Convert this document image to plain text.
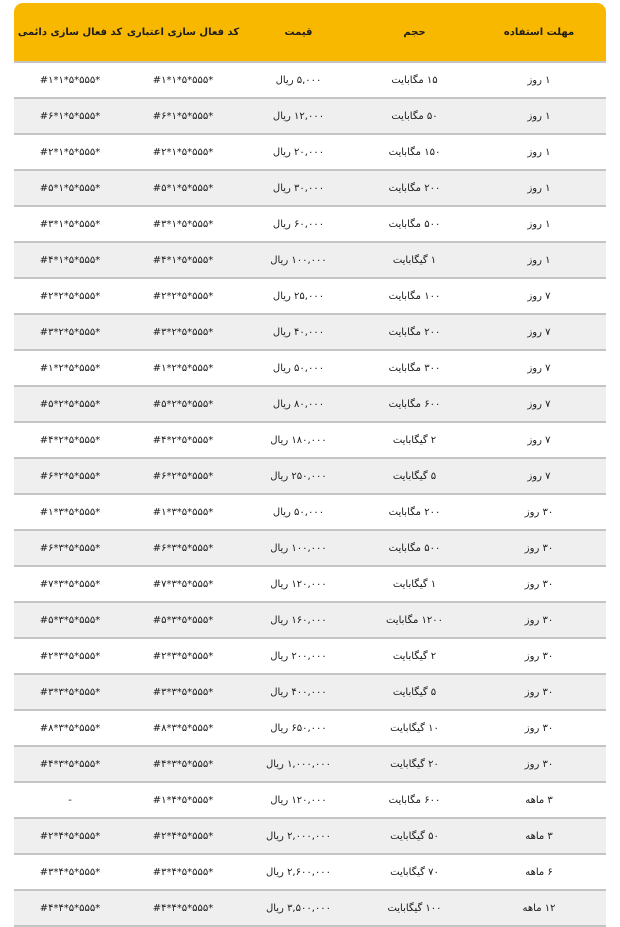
کد فعال سازی دائمی	کد فعال سازی اعتباری	قیمت	حجم	مهلت استفاده
#۱*۱*۵*۵۵۵*	#۱*۱*۵*۵۵۵*	۵,۰۰۰ ریال	۱۵ مگابایت	۱ روز
#۶*۱*۵*۵۵۵*	#۶*۱*۵*۵۵۵*	۱۲,۰۰۰ ریال	۵۰ مگابایت	۱ روز
#۲*۱*۵*۵۵۵*	#۲*۱*۵*۵۵۵*	۲۰,۰۰۰ ریال	۱۵۰ مگابایت	۱ روز
#۵*۱*۵*۵۵۵*	#۵*۱*۵*۵۵۵*	۳۰,۰۰۰ ریال	۲۰۰ مگابایت	۱ روز
#۳*۱*۵*۵۵۵*	#۳*۱*۵*۵۵۵*	۶۰,۰۰۰ ریال	۵۰۰ مگابایت	۱ روز
#۴*۱*۵*۵۵۵*	#۴*۱*۵*۵۵۵*	۱۰۰,۰۰۰ ریال	۱ گیگابایت	۱ روز
#۲*۲*۵*۵۵۵*	#۲*۲*۵*۵۵۵*	۲۵,۰۰۰ ریال	۱۰۰ مگابایت	۷ روز
#۳*۲*۵*۵۵۵*	#۳*۲*۵*۵۵۵*	۴۰,۰۰۰ ریال	۲۰۰ مگابایت	۷ روز
#۱*۲*۵*۵۵۵*	#۱*۲*۵*۵۵۵*	۵۰,۰۰۰ ریال	۳۰۰ مگابایت	۷ روز
#۵*۲*۵*۵۵۵*	#۵*۲*۵*۵۵۵*	۸۰,۰۰۰ ریال	۶۰۰ مگابایت	۷ روز
#۴*۲*۵*۵۵۵*	#۴*۲*۵*۵۵۵*	۱۸۰,۰۰۰ ریال	۲ گیگابایت	۷ روز
#۶*۲*۵*۵۵۵*	#۶*۲*۵*۵۵۵*	۲۵۰,۰۰۰ ریال	۵ گیگابایت	۷ روز
#۱*۳*۵*۵۵۵*	#۱*۳*۵*۵۵۵*	۵۰,۰۰۰ ریال	۲۰۰ مگابایت	۳۰ روز
#۶*۳*۵*۵۵۵*	#۶*۳*۵*۵۵۵*	۱۰۰,۰۰۰ ریال	۵۰۰ مگابایت	۳۰ روز
#۷*۳*۵*۵۵۵*	#۷*۳*۵*۵۵۵*	۱۲۰,۰۰۰ ریال	۱ گیگابایت	۳۰ روز
#۵*۳*۵*۵۵۵*	#۵*۳*۵*۵۵۵*	۱۶۰,۰۰۰ ریال	۱۲۰۰ مگابایت	۳۰ روز
#۲*۳*۵*۵۵۵*	#۲*۳*۵*۵۵۵*	۲۰۰,۰۰۰ ریال	۲ گیگابایت	۳۰ روز
#۳*۳*۵*۵۵۵*	#۳*۳*۵*۵۵۵*	۴۰۰,۰۰۰ ریال	۵ گیگابایت	۳۰ روز
#۸*۳*۵*۵۵۵*	#۸*۳*۵*۵۵۵*	۶۵۰,۰۰۰ ریال	۱۰ گیگابایت	۳۰ روز
#۴*۳*۵*۵۵۵*	#۴*۳*۵*۵۵۵*	۱,۰۰۰,۰۰۰ ریال	۲۰ گیگابایت	۳۰ روز
-	#۱*۴*۵*۵۵۵*	۱۲۰,۰۰۰ ریال	۶۰۰ مگابایت	۳ ماهه
#۲*۴*۵*۵۵۵*	#۲*۴*۵*۵۵۵*	۲,۰۰۰,۰۰۰ ریال	۵۰ گیگابایت	۳ ماهه
#۳*۴*۵*۵۵۵*	#۳*۴*۵*۵۵۵*	۲,۶۰۰,۰۰۰ ریال	۷۰ گیگابایت	۶ ماهه
#۴*۴*۵*۵۵۵*	#۴*۴*۵*۵۵۵*	۳,۵۰۰,۰۰۰ ریال	۱۰۰ گیگابایت	۱۲ ماهه
